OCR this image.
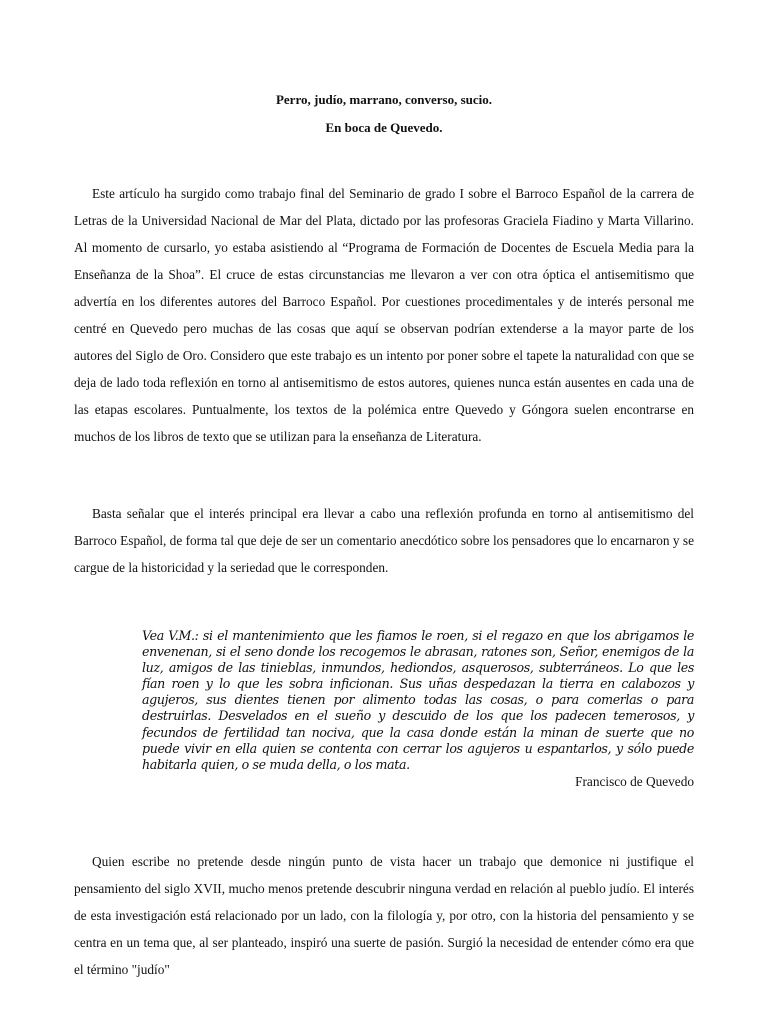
Perro, judío, marrano, converso, sucio.

En boca de Quevedo.

Este artículo ha surgido como trabajo final del Seminario de grado I sobre el Barroco Español de la carrera de Letras de la Universidad Nacional de Mar del Plata, dictado por las profesoras Graciela Fiadino y Marta Villarino. Al momento de cursarlo, yo estaba asistiendo al “Programa de Formación de Docentes de Escuela Media para la Enseñanza de la Shoa”. El cruce de estas circunstancias me llevaron a ver con otra óptica el antisemitismo que advertía en los diferentes autores del Barroco Español. Por cuestiones procedimentales y de interés personal me centré en Quevedo pero muchas de las cosas que aquí se observan podrían extenderse a la mayor parte de los autores del Siglo de Oro. Considero que este trabajo es un intento por poner sobre el tapete la naturalidad con que se deja de lado toda reflexión en torno al antisemitismo de estos autores, quienes nunca están ausentes en cada una de las etapas escolares. Puntualmente, los textos de la polémica entre Quevedo y Góngora suelen encontrarse en muchos de los libros de texto que se utilizan para la enseñanza de Literatura.

Basta señalar que el interés principal era llevar a cabo una reflexión profunda en torno al antisemitismo del Barroco Español, de forma tal que deje de ser un comentario anecdótico sobre los pensadores que lo encarnaron y se cargue de la historicidad y la seriedad que le corresponden.

Vea V.M.: si el mantenimiento que les fiamos le roen, si el regazo en que los abrigamos le envenenan, si el seno donde los recogemos le abrasan, ratones son, Señor, enemigos de la luz, amigos de las tinieblas, inmundos, hediondos, asquerosos, subterráneos. Lo que les fían roen y lo que les sobra inficionan. Sus uñas despedazan la tierra en calabozos y agujeros, sus dientes tienen por alimento todas las cosas, o para comerlas o para destruirlas. Desvelados en el sueño y descuido de los que los padecen temerosos, y fecundos de fertilidad tan nociva, que la casa donde están la minan de suerte que no puede vivir en ella quien se contenta con cerrar los agujeros u espantarlos, y sólo puede habitarla quien, o se muda della, o los mata.

Francisco de Quevedo

Quien escribe no pretende desde ningún punto de vista hacer un trabajo que demonice ni justifique el pensamiento del siglo XVII, mucho menos pretende descubrir ninguna verdad en relación al pueblo judío. El interés de esta investigación está relacionado por un lado, con la filología y, por otro, con la historia del pensamiento y se centra en un tema que, al ser planteado, inspiró una suerte de pasión. Surgió la necesidad de entender cómo era que el término "judío"
